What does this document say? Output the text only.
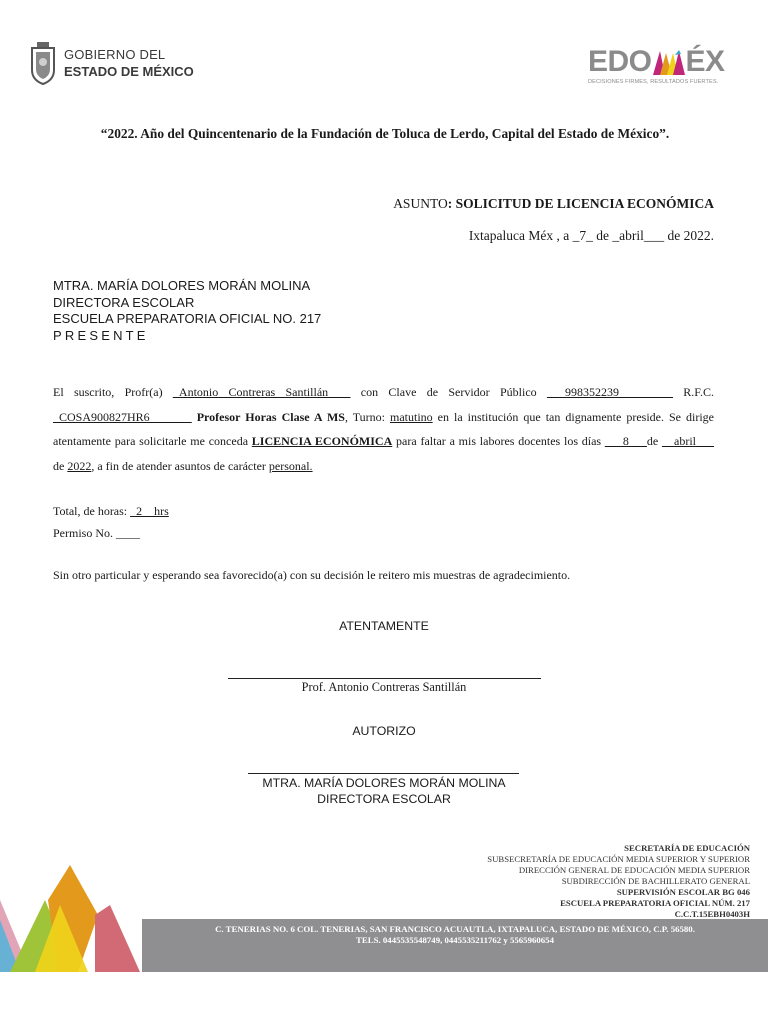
GOBIERNO DEL
ESTADO DE MÉXICO	EDO ÉX
DECISIONES FIRMES, RESULTADOS FUERTES.
“2022. Año del Quincentenario de la Fundación de Toluca de Lerdo, Capital del Estado de México”.
ASUNTO: SOLICITUD DE LICENCIA ECONÓMICA
Ixtapaluca Méx , a _7_ de _abril___ de 2022.
MTRA. MARÍA DOLORES MORÁN MOLINA
DIRECTORA ESCOLAR
ESCUELA PREPARATORIA OFICIAL NO. 217
PRESENTE
El suscrito, Profr(a) _Antonio Contreras Santillán __ con Clave de Servidor Público ___998352239_________ R.F.C. _COSA900827HR6_______ Profesor Horas Clase A MS, Turno: matutino en la institución que tan dignamente preside. Se dirige atentamente para solicitarle me conceda LICENCIA ECONÓMICA para faltar a mis labores docentes los días ___8___de __abril___ de 2022, a fin de atender asuntos de carácter personal.
Total, de horas: _2__hrs
Permiso No. ____
Sin otro particular y esperando sea favorecido(a) con su decisión le reitero mis muestras de agradecimiento.
ATENTAMENTE
Prof. Antonio Contreras Santillán
AUTORIZO
MTRA. MARÍA DOLORES MORÁN MOLINA
DIRECTORA ESCOLAR
SECRETARÍA DE EDUCACIÓN
SUBSECRETARÍA DE EDUCACIÓN MEDIA SUPERIOR Y SUPERIOR
DIRECCIÓN GENERAL DE EDUCACIÓN MEDIA SUPERIOR
SUBDIRECCIÓN DE BACHILLERATO GENERAL
SUPERVISIÓN ESCOLAR BG 046
ESCUELA PREPARATORIA OFICIAL NÚM. 217
C.C.T.15EBH0403H
C. TENERIAS NO. 6 COL. TENERIAS, SAN FRANCISCO ACUAUTLA, IXTAPALUCA, ESTADO DE MÉXICO, C.P. 56580.
TELS. 0445535548749, 0445535211762 y 5565960654
